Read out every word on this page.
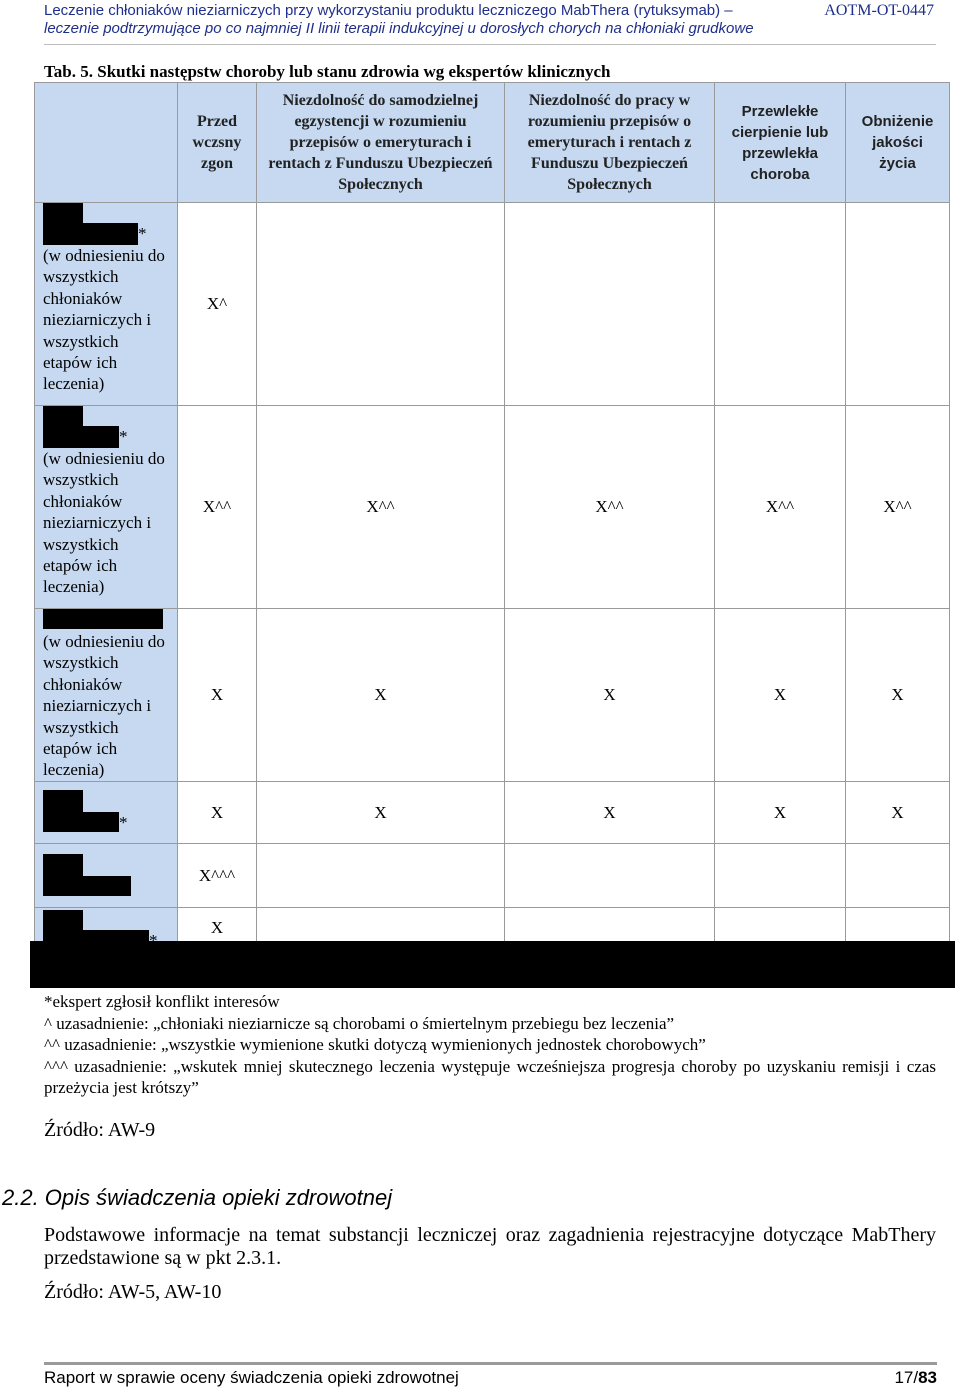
Leczenie chłoniaków nieziarniczych przy wykorzystaniu produktu leczniczego MabThera (rytuksymab) –
leczenie podtrzymujące po co najmniej II linii terapii indukcyjnej u dorosłych chorych na chłoniaki grudkowe
AOTM-OT-0447
Tab. 5. Skutki następstw choroby lub stanu zdrowia wg ekspertów klinicznych
	Przed wczsny zgon	Niezdolność do samodzielnej egzystencji w rozumieniu przepisów o emeryturach i rentach z Funduszu Ubezpieczeń Społecznych	Niezdolność do pracy w rozumieniu przepisów o emeryturach i rentach z Funduszu Ubezpieczeń Społecznych	Przewlekłe cierpienie lub przewlekła choroba	Obniżenie jakości życia

*
(w odniesieniu do wszystkich chłoniaków nieziarniczych i wszystkich etapów ich leczenia)	X^				

*
(w odniesieniu do wszystkich chłoniaków nieziarniczych i wszystkich etapów ich leczenia)	X^^	X^^	X^^	X^^	X^^

(w odniesieniu do wszystkich chłoniaków nieziarniczych i wszystkich etapów ich leczenia)	X	X	X	X	X

*	X	X	X	X	X

	X^^^				

	X				

*ekspert zgłosił konflikt interesów

^ uzasadnienie: „chłoniaki nieziarnicze są chorobami o śmiertelnym przebiegu bez leczenia”

^^ uzasadnienie: „wszystkie wymienione skutki dotyczą wymienionych jednostek chorobowych”

^^^ uzasadnienie: „wskutek mniej skutecznego leczenia występuje wcześniejsza progresja choroby po uzyskaniu remisji i czas przeżycia jest krótszy”

Źródło: AW-9
2.2. Opis świadczenia opieki zdrowotnej
Podstawowe informacje na temat substancji leczniczej oraz zagadnienia rejestracyjne dotyczące MabThery przedstawione są w pkt 2.3.1.
Źródło: AW-5, AW-10
Raport w sprawie oceny świadczenia opieki zdrowotnej	17/83
